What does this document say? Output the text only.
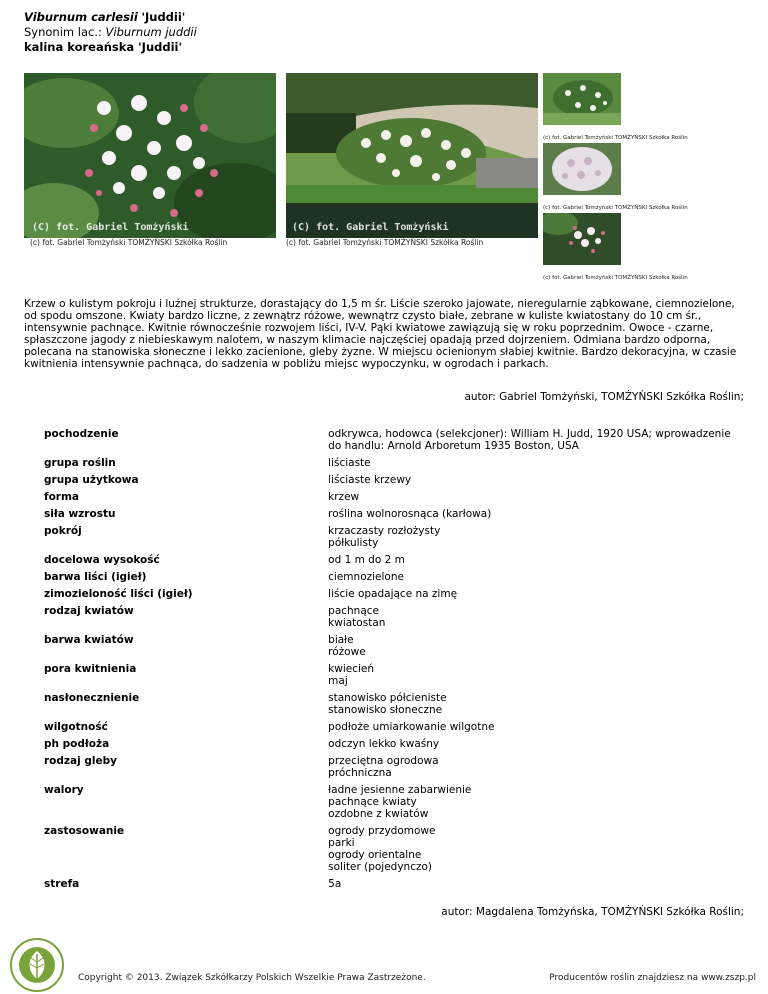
Viburnum carlesii 'Juddii'
Synonim lac.: Viburnum juddii
kalina koreańska 'Juddii'
(C) fot. Gabriel Tomżyński
(c) fot. Gabriel Tomżyński TOMŻYŃSKI Szkółka Roślin
(C) fot. Gabriel Tomżyński
(c) fot. Gabriel Tomżyński TOMŻYŃSKI Szkółka Roślin
(c) fot. Gabriel Tomżyński TOMŻYŃSKI Szkółka Roślin
(c) fot. Gabriel Tomżyński TOMŻYŃSKI Szkółka Roślin
(c) fot. Gabriel Tomżyński TOMŻYŃSKI Szkółka Roślin
Krzew o kulistym pokroju i luźnej strukturze, dorastający do 1,5 m śr. Liście szeroko jajowate, nieregularnie ząbkowane, ciemnozielone, od spodu omszone. Kwiaty bardzo liczne, z zewnątrz różowe, wewnątrz czysto białe, zebrane w kuliste kwiatostany do 10 cm śr., intensywnie pachnące. Kwitnie równocześnie rozwojem liści, IV-V. Pąki kwiatowe zawiązują się w roku poprzednim. Owoce - czarne, spłaszczone jagody z niebieskawym nalotem, w naszym klimacie najczęściej opadają przed dojrzeniem. Odmiana bardzo odporna, polecana na stanowiska słoneczne i lekko zacienione, gleby żyzne. W miejscu ocienionym słabiej kwitnie. Bardzo dekoracyjna, w czasie kwitnienia intensywnie pachnąca, do sadzenia w pobliżu miejsc wypoczynku, w ogrodach i parkach.
autor: Gabriel Tomżyński, TOMŻYŃSKI Szkółka Roślin;
pochodzenie	odkrywca, hodowca (selekcjoner): William H. Judd, 1920 USA; wprowadzenie do handlu: Arnold Arboretum 1935 Boston, USA
grupa roślin	liściaste
grupa użytkowa	liściaste krzewy
forma	krzew
siła wzrostu	roślina wolnorosnąca (karłowa)
pokrój	krzaczasty rozłożysty
półkulisty
docelowa wysokość	od 1 m do 2 m
barwa liści (igieł)	ciemnozielone
zimozieloność liści (igieł)	liście opadające na zimę
rodzaj kwiatów	pachnące
kwiatostan
barwa kwiatów	białe
różowe
pora kwitnienia	kwiecień
maj
nasłonecznienie	stanowisko półcieniste
stanowisko słoneczne
wilgotność	podłoże umiarkowanie wilgotne
ph podłoża	odczyn lekko kwaśny
rodzaj gleby	przeciętna ogrodowa
próchniczna
walory	ładne jesienne zabarwienie
pachnące kwiaty
ozdobne z kwiatów
zastosowanie	ogrody przydomowe
parki
ogrody orientalne
soliter (pojedynczo)
strefa	5a
autor: Magdalena Tomżyńska, TOMŻYŃSKI Szkółka Roślin;
Copyright © 2013. Związek Szkółkarzy Polskich Wszelkie Prawa Zastrzeżone.	Producentów roślin znajdziesz na www.zszp.pl
